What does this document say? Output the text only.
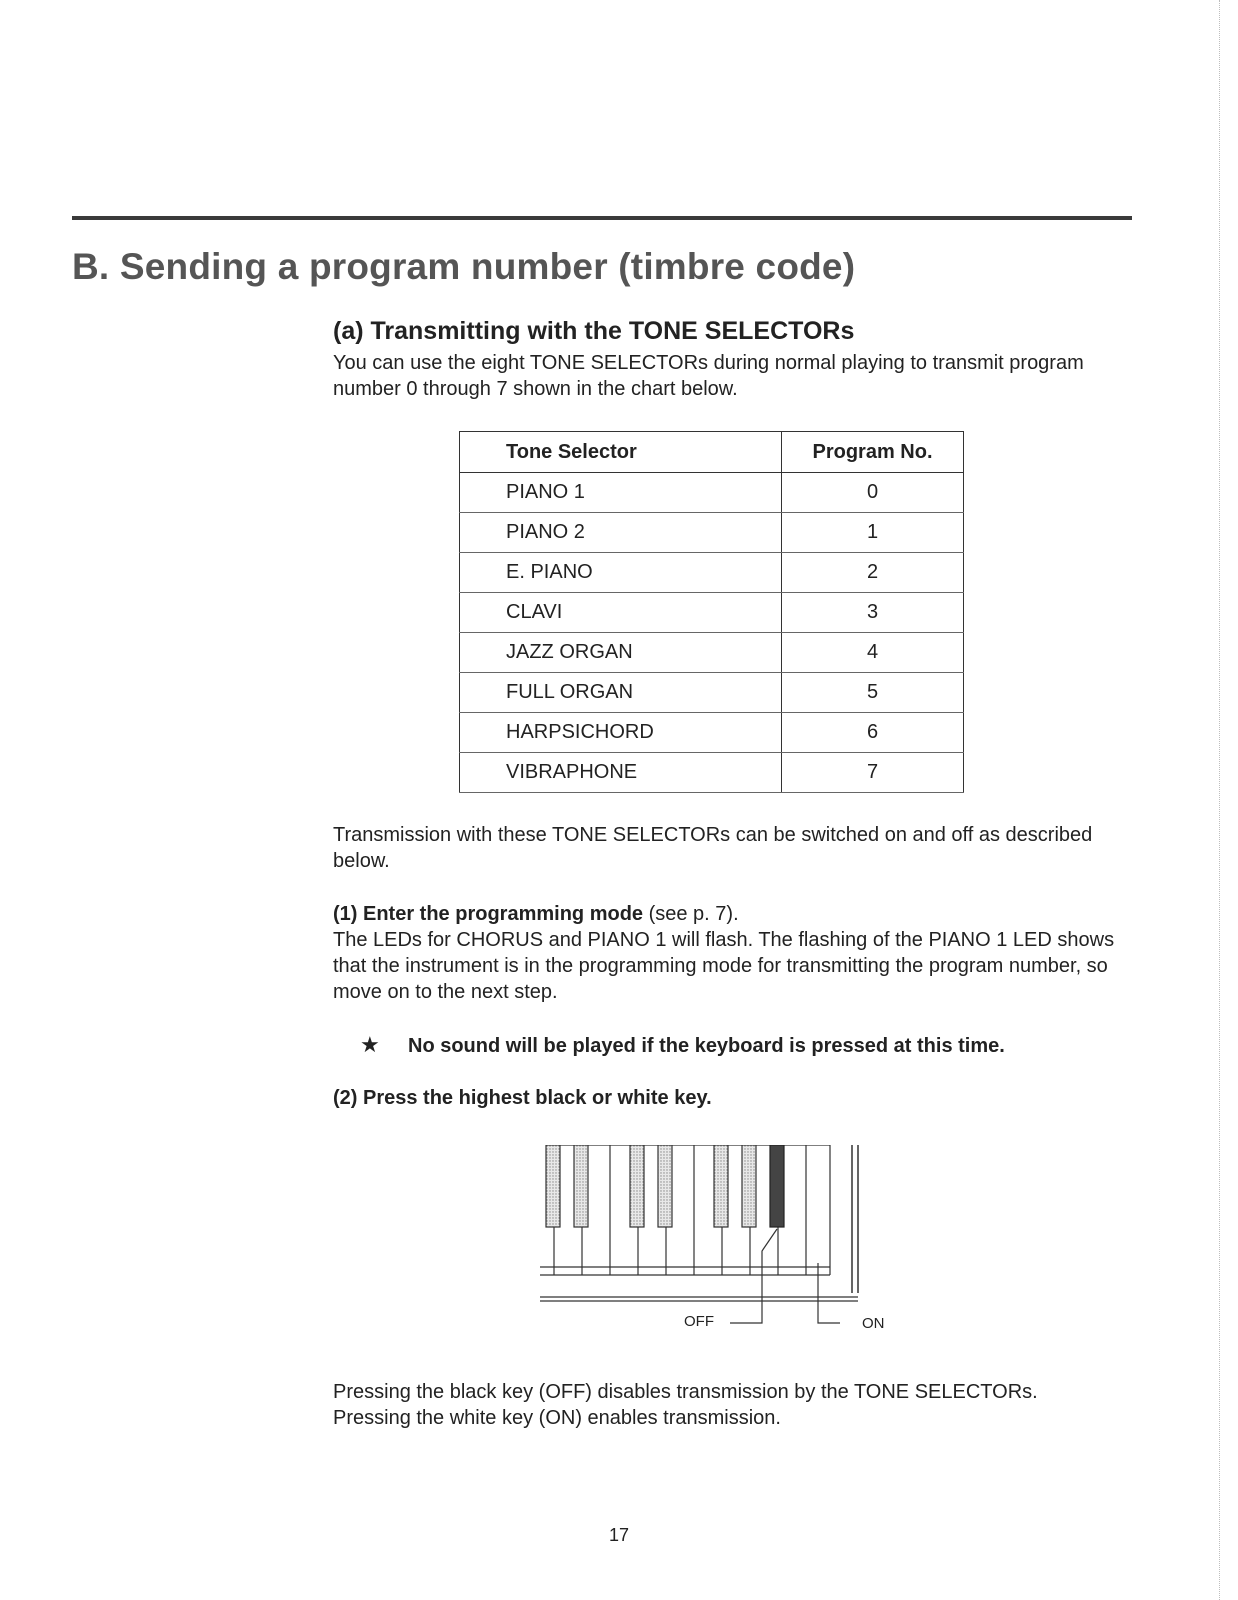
B. Sending a program number (timbre code)
(a) Transmitting with the TONE SELECTORs

You can use the eight TONE SELECTORs during normal playing to transmit program number 0 through 7 shown in the chart below.

Tone Selector	Program No.
PIANO 1	0
PIANO 2	1
E. PIANO	2
CLAVI	3
JAZZ ORGAN	4
FULL ORGAN	5
HARPSICHORD	6
VIBRAPHONE	7

Transmission with these TONE SELECTORs can be switched on and off as described below.

(1) Enter the programming mode (see p. 7).
The LEDs for CHORUS and PIANO 1 will flash. The flashing of the PIANO 1 LED shows that the instrument is in the programming mode for transmitting the program number, so move on to the next step.
★ No sound will be played if the keyboard is pressed at this time.

(2) Press the highest black or white key.

OFF	ON
Pressing the black key (OFF) disables transmission by the TONE SELECTORs.
Pressing the white key (ON) enables transmission.
17
